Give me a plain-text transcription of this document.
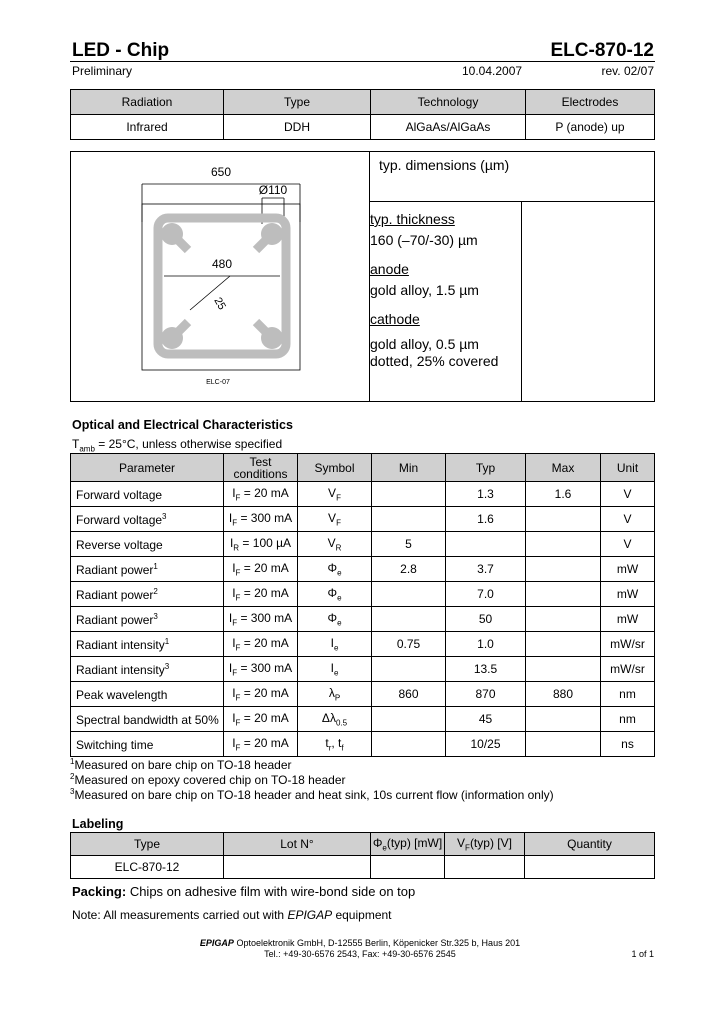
LED - Chip	ELC-870-12
Preliminary	10.04.2007	rev. 02/07
Radiation	Type	Technology	Electrodes
Infrared	DDH	AlGaAs/AlGaAs	P (anode) up
650
Ø110
480
25
ELC-07
typ. dimensions (µm)
typ. thickness
160 (–70/-30) µm
anode
gold alloy, 1.5 µm
cathode
gold alloy, 0.5 µm
dotted, 25% covered
Optical and Electrical Characteristics
$T_{amb} = 25^\circ C$, unless otherwise specified
Parameter	Test conditions	Symbol	Min	Typ	Max	Unit
Forward voltage	$I_F = 20$ mA	$V_F$		1.3	1.6	V
Forward voltage$^3$	$I_F = 300$ mA	$V_F$		1.6		V
Reverse voltage	$I_R = 100$ µA	$V_R$	5			V
Radiant power$^1$	$I_F = 20$ mA	$\Phi_e$	2.8	3.7		mW
Radiant power$^2$	$I_F = 20$ mA	$\Phi_e$		7.0		mW
Radiant power$^3$	$I_F = 300$ mA	$\Phi_e$		50		mW
Radiant intensity$^1$	$I_F = 20$ mA	$I_e$	0.75	1.0		mW/sr
Radiant intensity$^3$	$I_F = 300$ mA	$I_e$		13.5		mW/sr
Peak wavelength	$I_F = 20$ mA	$\lambda_P$	860	870	880	nm
Spectral bandwidth at 50%	$I_F = 20$ mA	$\Delta\lambda_{0.5}$		45		nm
Switching time	$I_F = 20$ mA	$t_r$, $t_f$		10/25		ns
$^1$Measured on bare chip on TO-18 header
$^2$Measured on epoxy covered chip on TO-18 header
$^3$Measured on bare chip on TO-18 header and heat sink, 10s current flow (information only)
Labeling
Type	Lot N°	$\Phi_e(typ)$ [mW]	$V_F(typ)$ [V]	Quantity
ELC-870-12				
Packing: Chips on adhesive film with wire-bond side on top
Note: All measurements carried out with EPIGAP equipment
EPIGAP Optoelektronik GmbH, D-12555 Berlin, Köpenicker Str.325 b, Haus 201
Tel.: +49-30-6576 2543, Fax: +49-30-6576 2545	1 of 1
